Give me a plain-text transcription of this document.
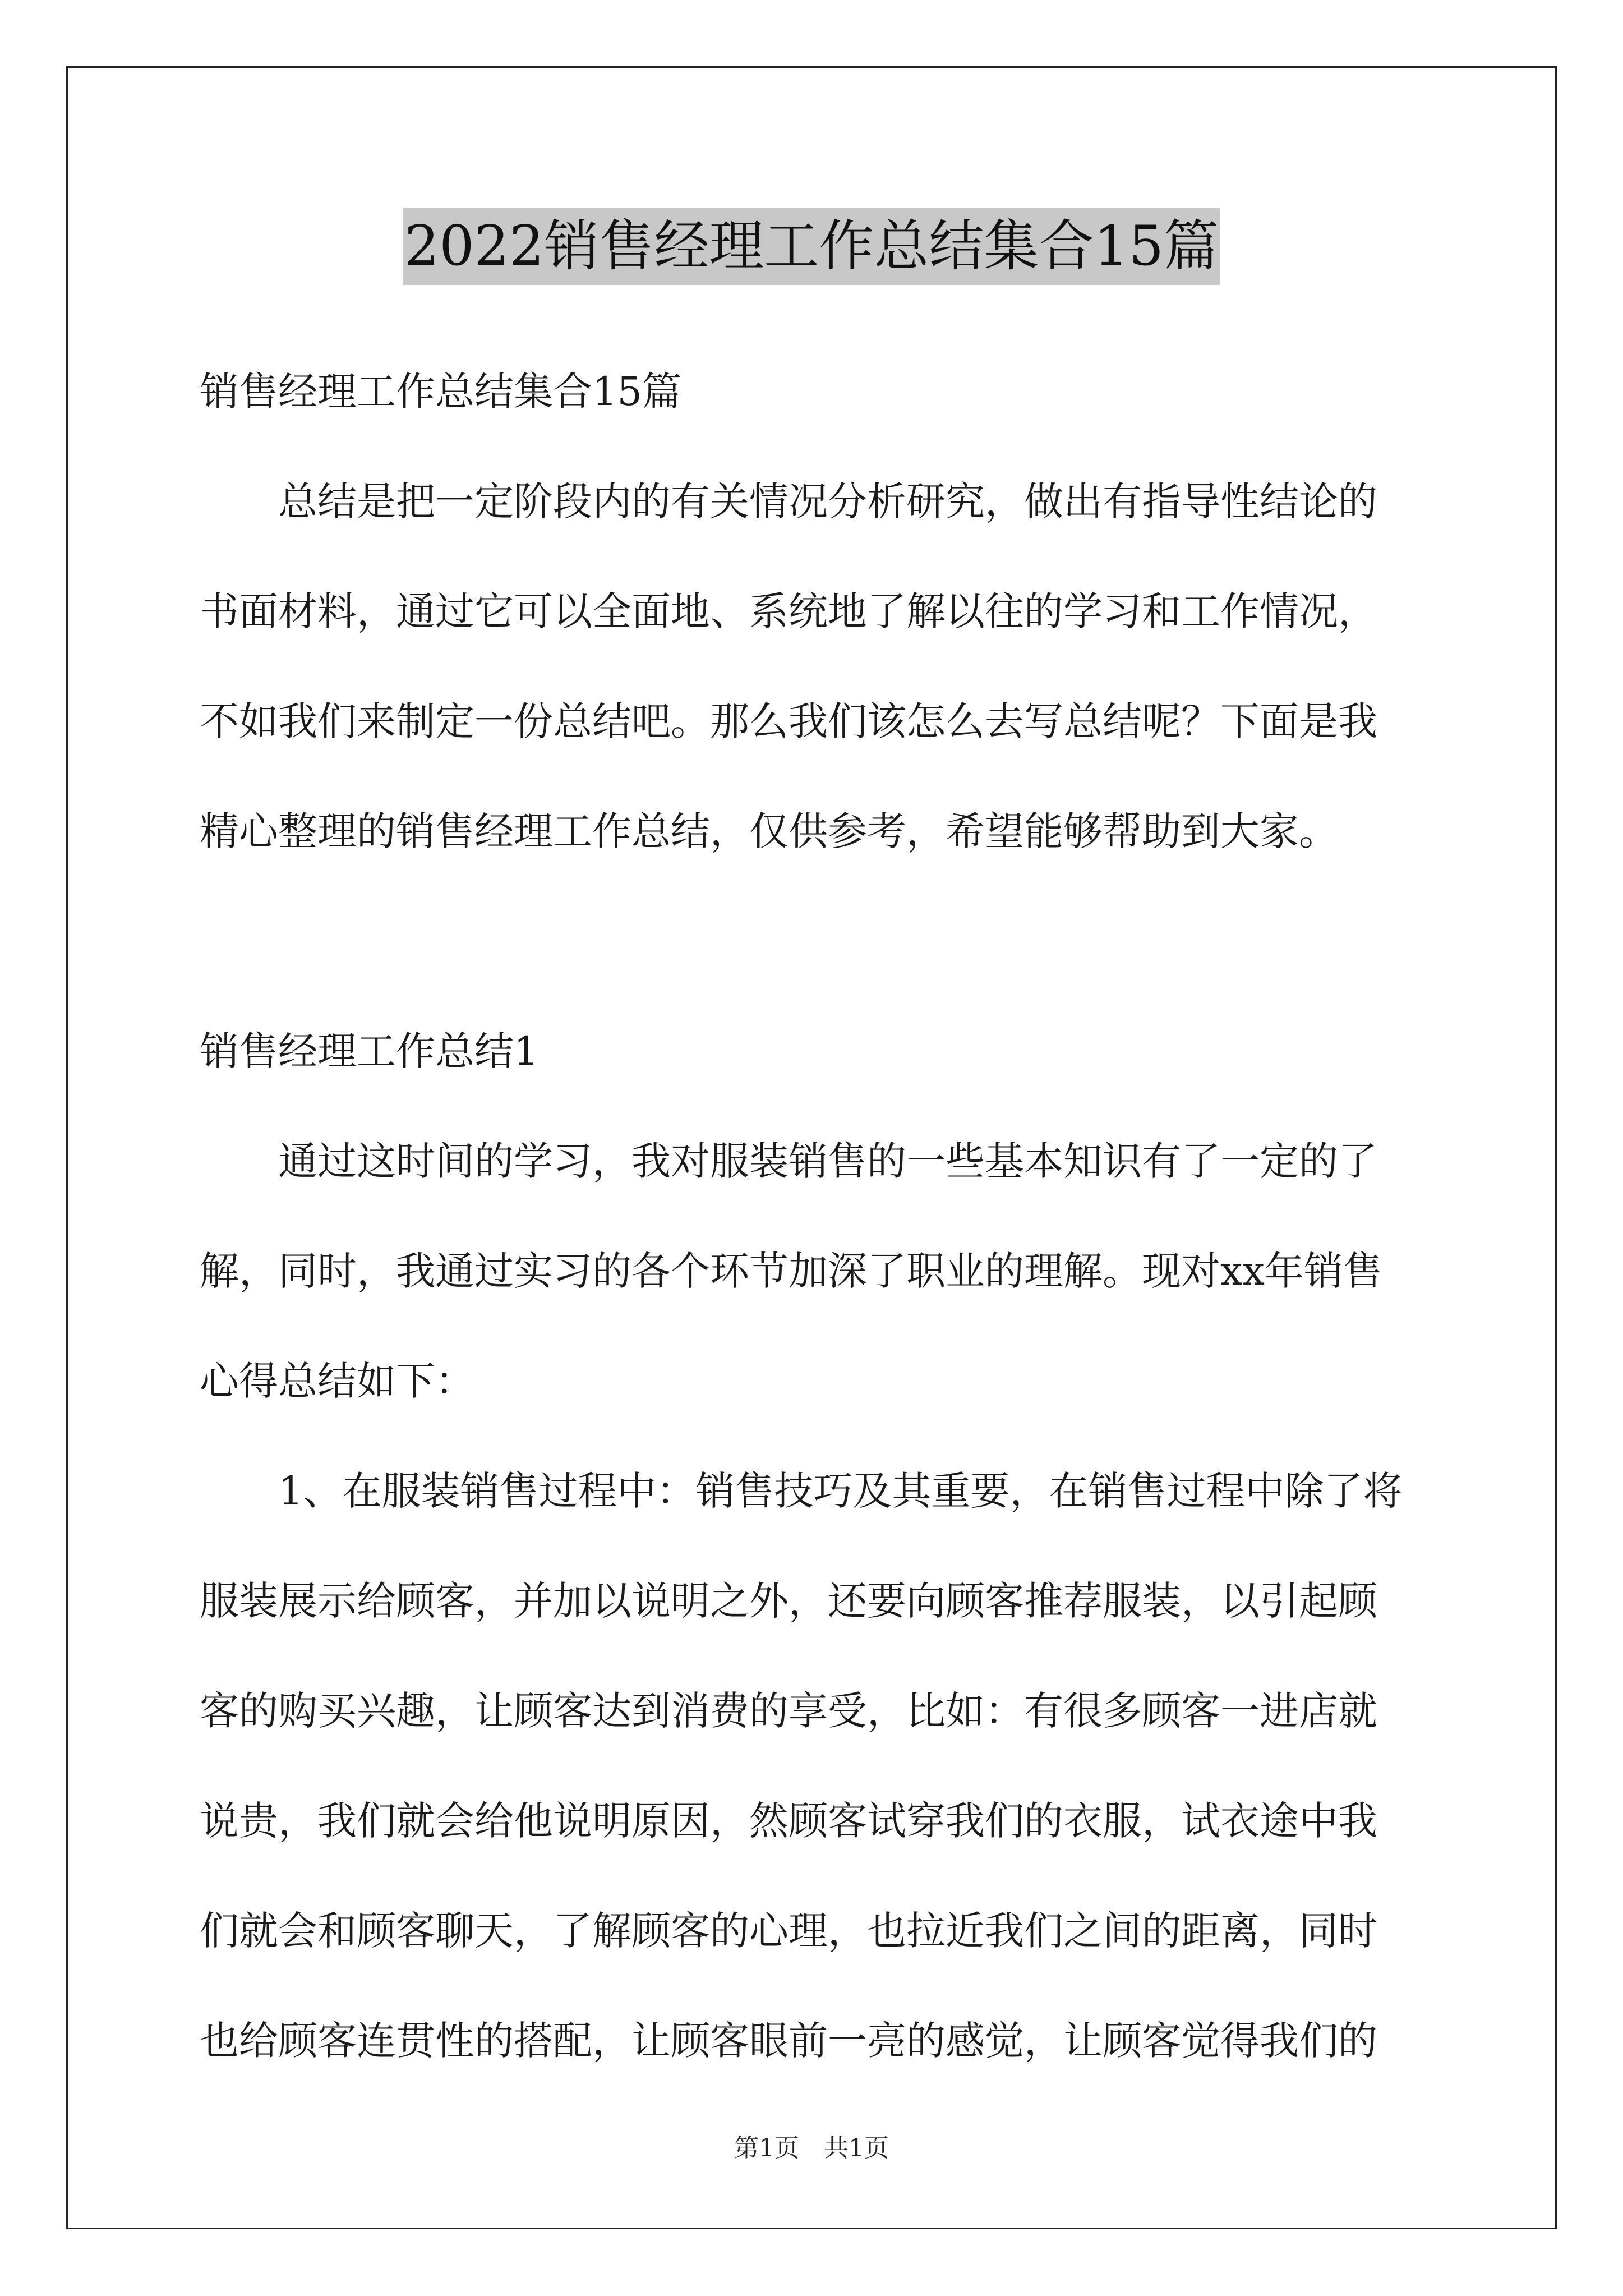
2022销售经理工作总结集合15篇
销售经理工作总结集合15篇
总结是把一定阶段内的有关情况分析研究，做出有指导性结论的
书面材料，通过它可以全面地、系统地了解以往的学习和工作情况，
不如我们来制定一份总结吧。那么我们该怎么去写总结呢？下面是我
精心整理的销售经理工作总结，仅供参考，希望能够帮助到大家。
销售经理工作总结1
通过这时间的学习，我对服装销售的一些基本知识有了一定的了
解，同时，我通过实习的各个环节加深了职业的理解。现对xx年销售
心得总结如下：
1、在服装销售过程中：销售技巧及其重要，在销售过程中除了将
服装展示给顾客，并加以说明之外，还要向顾客推荐服装，以引起顾
客的购买兴趣，让顾客达到消费的享受，比如：有很多顾客一进店就
说贵，我们就会给他说明原因，然顾客试穿我们的衣服，试衣途中我
们就会和顾客聊天，了解顾客的心理，也拉近我们之间的距离，同时
也给顾客连贯性的搭配，让顾客眼前一亮的感觉，让顾客觉得我们的
第1页　共1页
